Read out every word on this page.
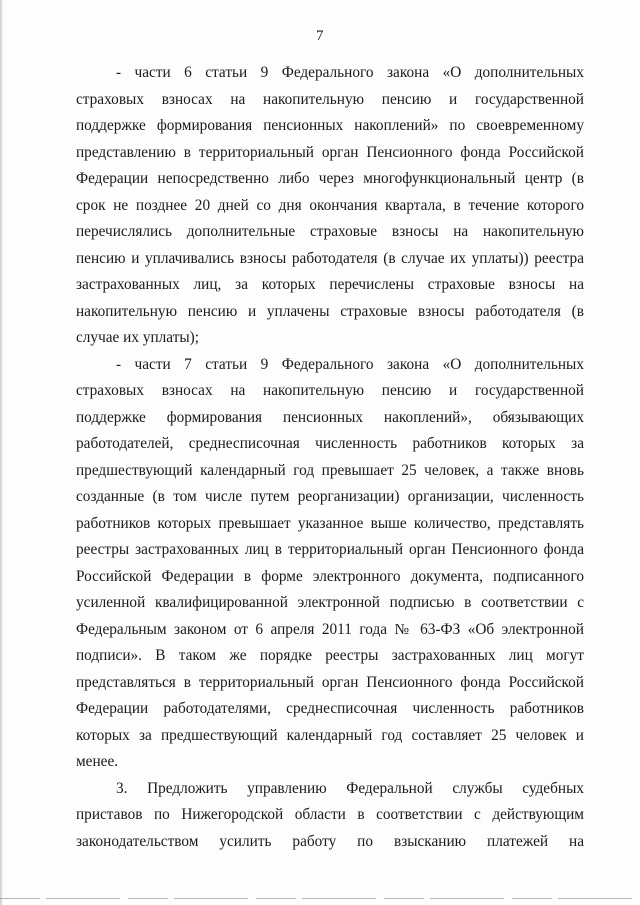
7
- части 6 статьи 9 Федерального закона «О дополнительных
страховых взносах на накопительную пенсию и государственной
поддержке формирования пенсионных накоплений» по своевременному
представлению в территориальный орган Пенсионного фонда Российской
Федерации непосредственно либо через многофункциональный центр (в
срок не позднее 20 дней со дня окончания квартала, в течение которого
перечислялись дополнительные страховые взносы на накопительную
пенсию и уплачивались взносы работодателя (в случае их уплаты)) реестра
застрахованных лиц, за которых перечислены страховые взносы на
накопительную пенсию и уплачены страховые взносы работодателя (в
случае их уплаты);
- части 7 статьи 9 Федерального закона «О дополнительных
страховых взносах на накопительную пенсию и государственной
поддержке формирования пенсионных накоплений», обязывающих
работодателей, среднесписочная численность работников которых за
предшествующий календарный год превышает 25 человек, а также вновь
созданные (в том числе путем реорганизации) организации, численность
работников которых превышает указанное выше количество, представлять
реестры застрахованных лиц в территориальный орган Пенсионного фонда
Российской Федерации в форме электронного документа, подписанного
усиленной квалифицированной электронной подписью в соответствии с
Федеральным законом от 6 апреля 2011 года № 63-ФЗ «Об электронной
подписи». В таком же порядке реестры застрахованных лиц могут
представляться в территориальный орган Пенсионного фонда Российской
Федерации работодателями, среднесписочная численность работников
которых за предшествующий календарный год составляет 25 человек и
менее.
3. Предложить управлению Федеральной службы судебных
приставов по Нижегородской области в соответствии с действующим
законодательством усилить работу по взысканию платежей на
